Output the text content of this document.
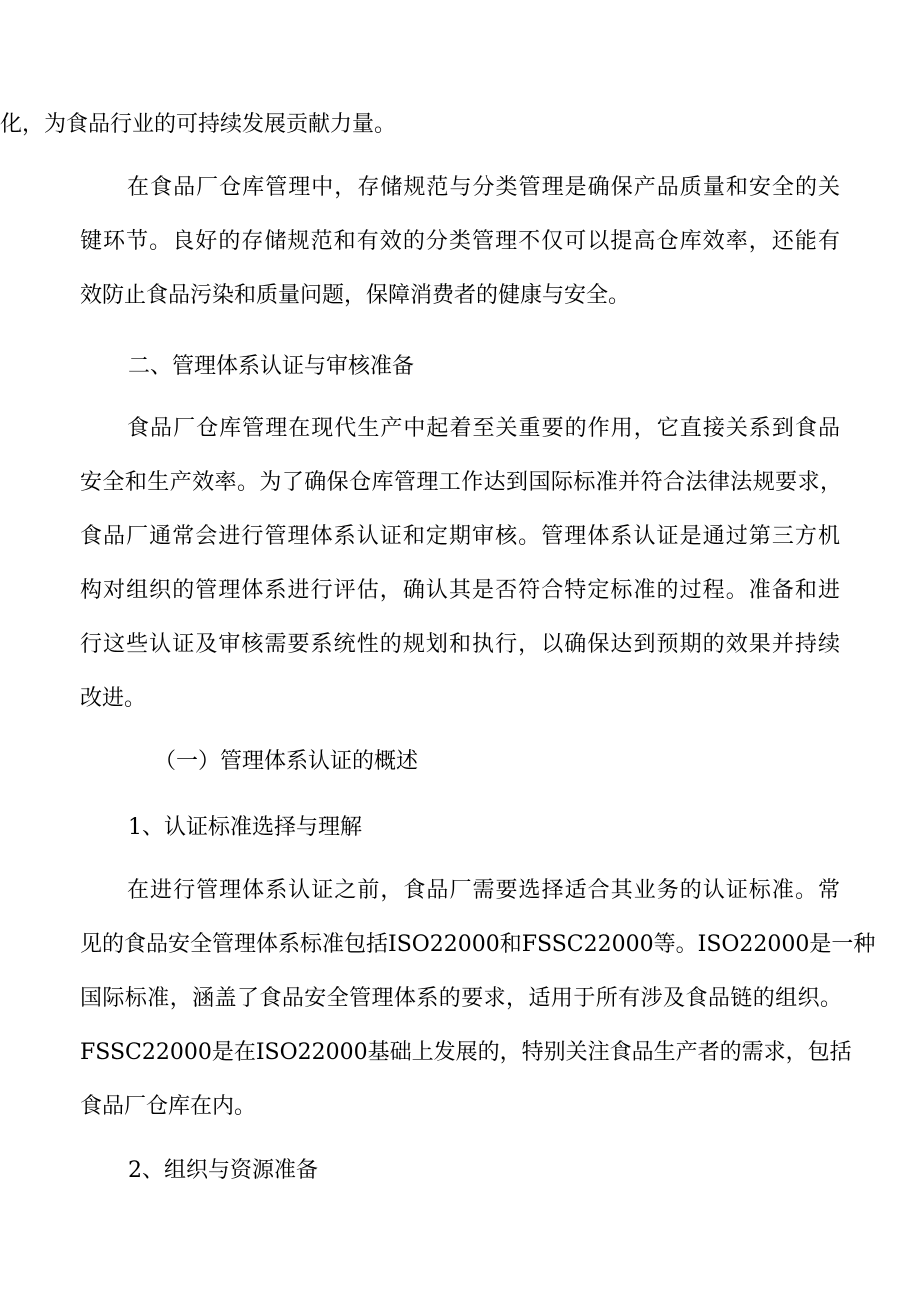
化，为食品行业的可持续发展贡献力量。
在食品厂仓库管理中，存储规范与分类管理是确保产品质量和安全的关
键环节。良好的存储规范和有效的分类管理不仅可以提高仓库效率，还能有
效防止食品污染和质量问题，保障消费者的健康与安全。
二、管理体系认证与审核准备
食品厂仓库管理在现代生产中起着至关重要的作用，它直接关系到食品
安全和生产效率。为了确保仓库管理工作达到国际标准并符合法律法规要求，
食品厂通常会进行管理体系认证和定期审核。管理体系认证是通过第三方机
构对组织的管理体系进行评估，确认其是否符合特定标准的过程。准备和进
行这些认证及审核需要系统性的规划和执行，以确保达到预期的效果并持续
改进。
（一）管理体系认证的概述
1、认证标准选择与理解
在进行管理体系认证之前，食品厂需要选择适合其业务的认证标准。常
见的食品安全管理体系标准包括ISO22000和FSSC22000等。ISO22000是一种
国际标准，涵盖了食品安全管理体系的要求，适用于所有涉及食品链的组织。
FSSC22000是在ISO22000基础上发展的，特别关注食品生产者的需求，包括
食品厂仓库在内。
2、组织与资源准备
